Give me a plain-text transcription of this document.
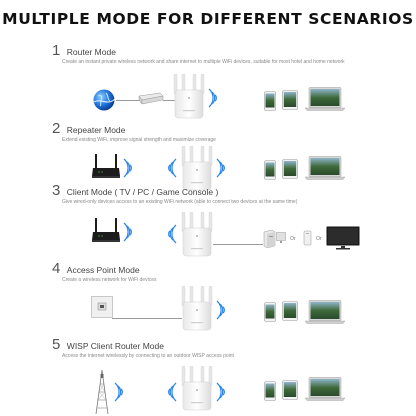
MULTIPLE MODE FOR DIFFERENT SCENARIOS
1 Router Mode
Create an instant private wireless network and share internet to multiple WiFi devices, suitable for most hotel and home network
2 Repeater Mode
Extend existing WiFi, improve signal strength and maximize coverage
3 Client Mode ( TV / PC / Game Console )
Give wired-only devices access to an existing WiFi network (able to connect two devices at the same time)
Or	Or
4 Access Point Mode
Create a wireless network for WiFi devices
5 WISP Client Router Mode
Access the internet wirelessly by connecting to an outdoor WISP access point
